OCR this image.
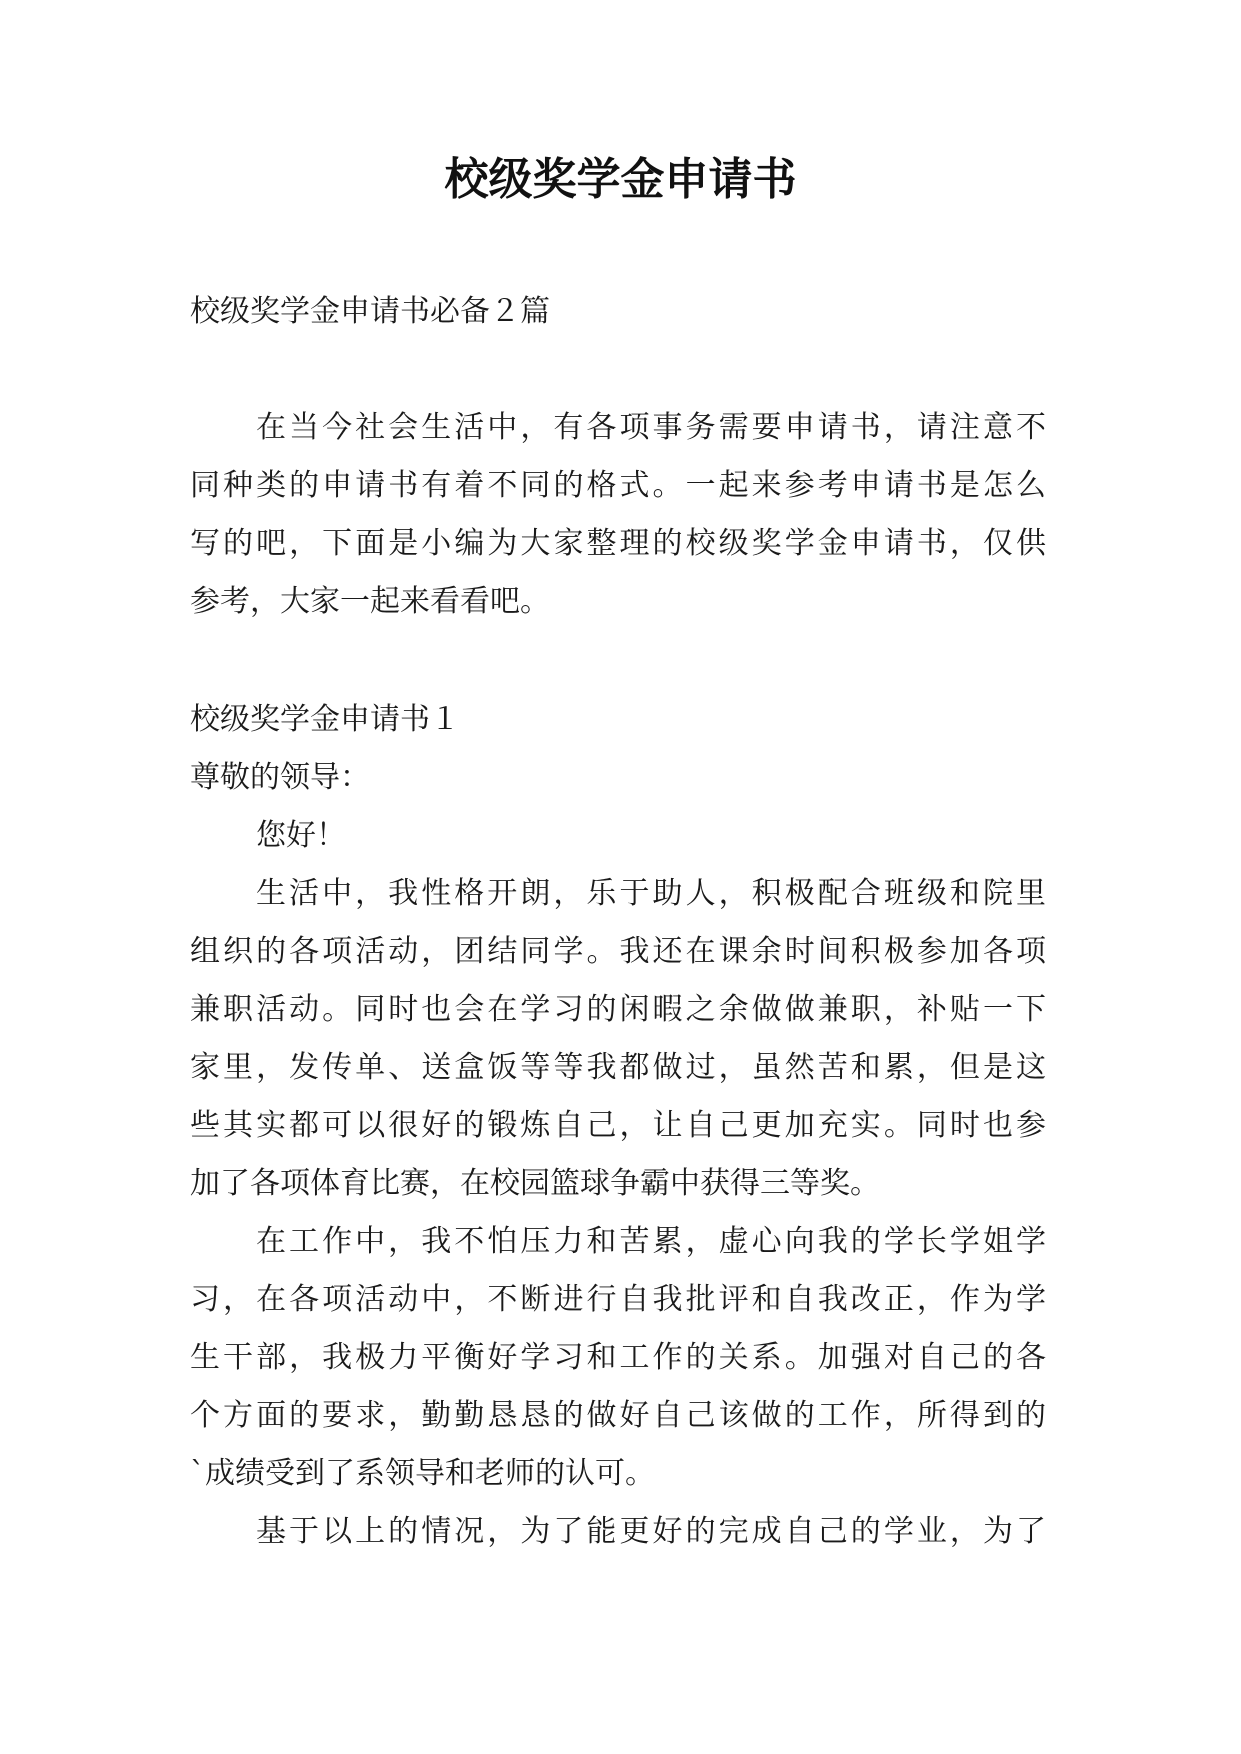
校级奖学金申请书

校级奖学金申请书必备２篇

在当今社会生活中，有各项事务需要申请书，请注意不

同种类的申请书有着不同的格式。一起来参考申请书是怎么

写的吧，下面是小编为大家整理的校级奖学金申请书，仅供

参考，大家一起来看看吧。

校级奖学金申请书１

尊敬的领导：

您好！

生活中，我性格开朗，乐于助人，积极配合班级和院里

组织的各项活动，团结同学。我还在课余时间积极参加各项

兼职活动。同时也会在学习的闲暇之余做做兼职，补贴一下

家里，发传单、送盒饭等等我都做过，虽然苦和累，但是这

些其实都可以很好的锻炼自己，让自己更加充实。同时也参

加了各项体育比赛，在校园篮球争霸中获得三等奖。

在工作中，我不怕压力和苦累，虚心向我的学长学姐学

习，在各项活动中，不断进行自我批评和自我改正，作为学

生干部，我极力平衡好学习和工作的关系。加强对自己的各

个方面的要求，勤勤恳恳的做好自己该做的工作，所得到的

`成绩受到了系领导和老师的认可。

基于以上的情况，为了能更好的完成自己的学业，为了
